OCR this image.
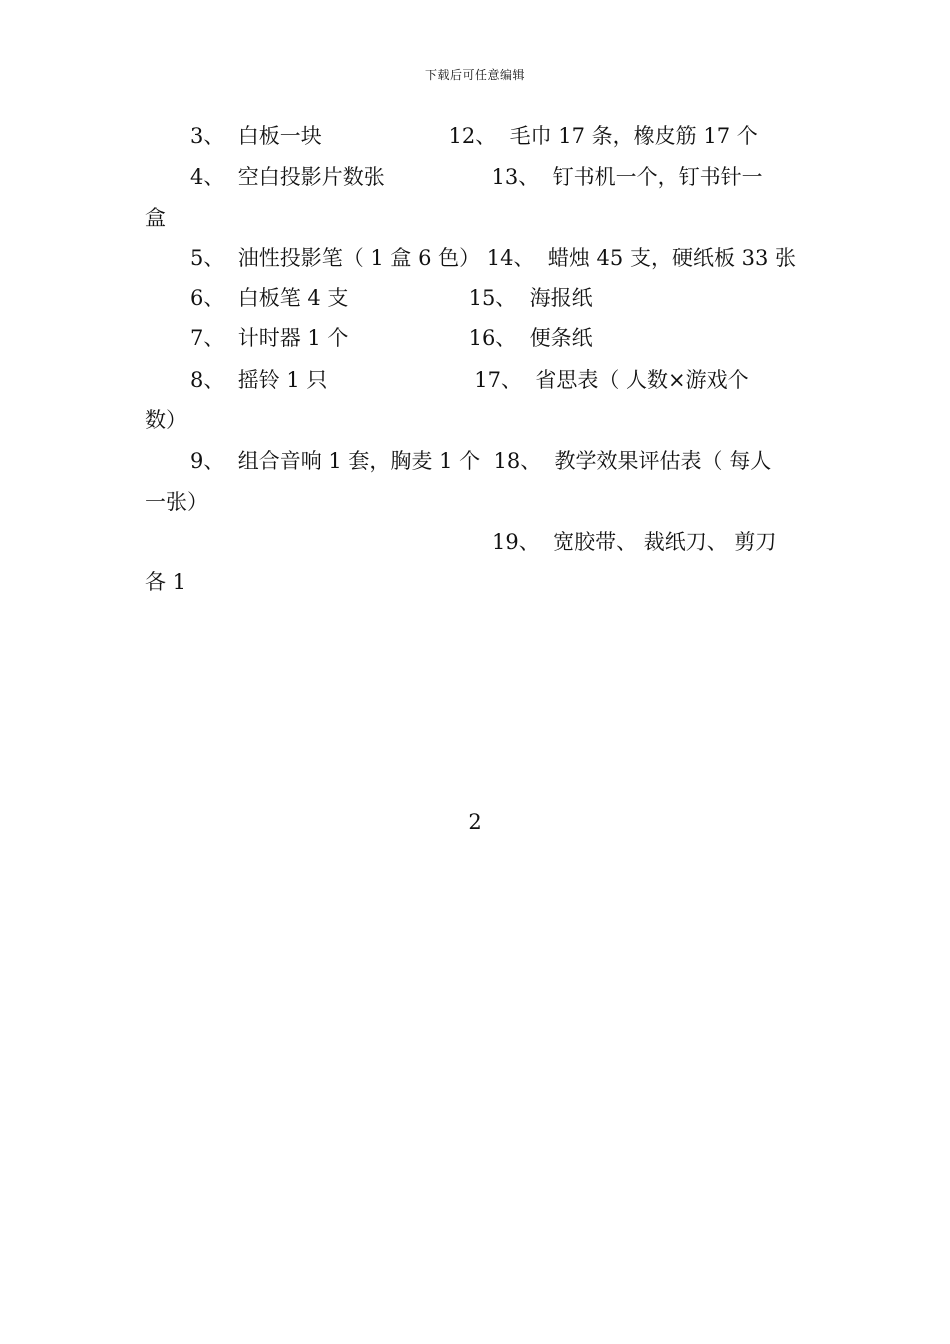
下载后可任意编辑
3、  白板一块                   12、  毛巾 17 条，橡皮筋 17 个
4、  空白投影片数张                13、  钉书机一个，钉书针一
盒
5、  油性投影笔（ 1 盒 6 色） 14、  蜡烛 45 支，硬纸板 33 张
6、  白板笔 4 支                  15、  海报纸
7、  计时器 1 个                  16、  便条纸
8、  摇铃 1 只                      17、  省思表（ 人数×游戏个
数）
9、  组合音响 1 套，胸麦 1 个  18、  教学效果评估表（ 每人
一张）
19、  宽胶带、 裁纸刀、 剪刀
各 1
2
